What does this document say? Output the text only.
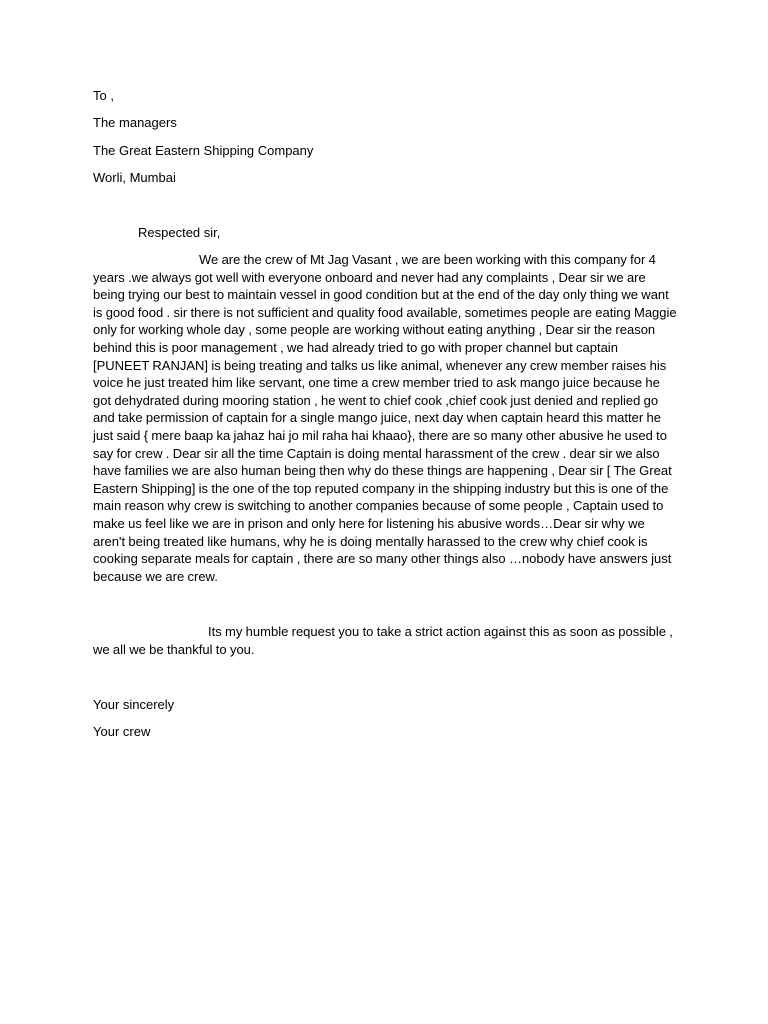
To ,
The managers
The Great Eastern Shipping Company
Worli, Mumbai
Respected sir,
We are the crew of Mt Jag Vasant , we are been working with this company for 4 years .we always got well with everyone onboard and never had any complaints , Dear sir we are being trying our best to maintain vessel in good condition but at the end of the day only thing we want is good food . sir there is not sufficient and quality food available, sometimes people are eating Maggie only for working whole day , some people are working without eating anything , Dear sir the reason behind this is poor management , we had already tried to go with proper channel but captain [PUNEET RANJAN] is being treating and talks us like animal, whenever any crew member raises his voice he just treated him like servant, one time a crew member tried to ask mango juice because he got dehydrated during mooring station , he went to chief cook ,chief cook just denied and replied go and take permission of captain for a single mango juice, next day when captain heard this matter he just said { mere baap ka jahaz hai jo mil raha hai khaao}, there are so many other abusive he used to say for crew . Dear sir all the time Captain is doing mental harassment of the crew . dear sir we also have families we are also human being then why do these things are happening , Dear sir [ The Great Eastern Shipping] is the one of the top reputed company in the shipping industry but this is one of the main reason why crew is switching to another companies because of some people , Captain used to make us feel like we are in prison and only here for listening his abusive words…Dear sir why we aren't being treated like humans, why he is doing mentally harassed to the crew why chief cook is cooking separate meals for captain , there are so many other things also …nobody have answers just because we are crew.
Its my humble request you to take a strict action against this as soon as possible , we all we be thankful to you.
Your sincerely
Your crew
